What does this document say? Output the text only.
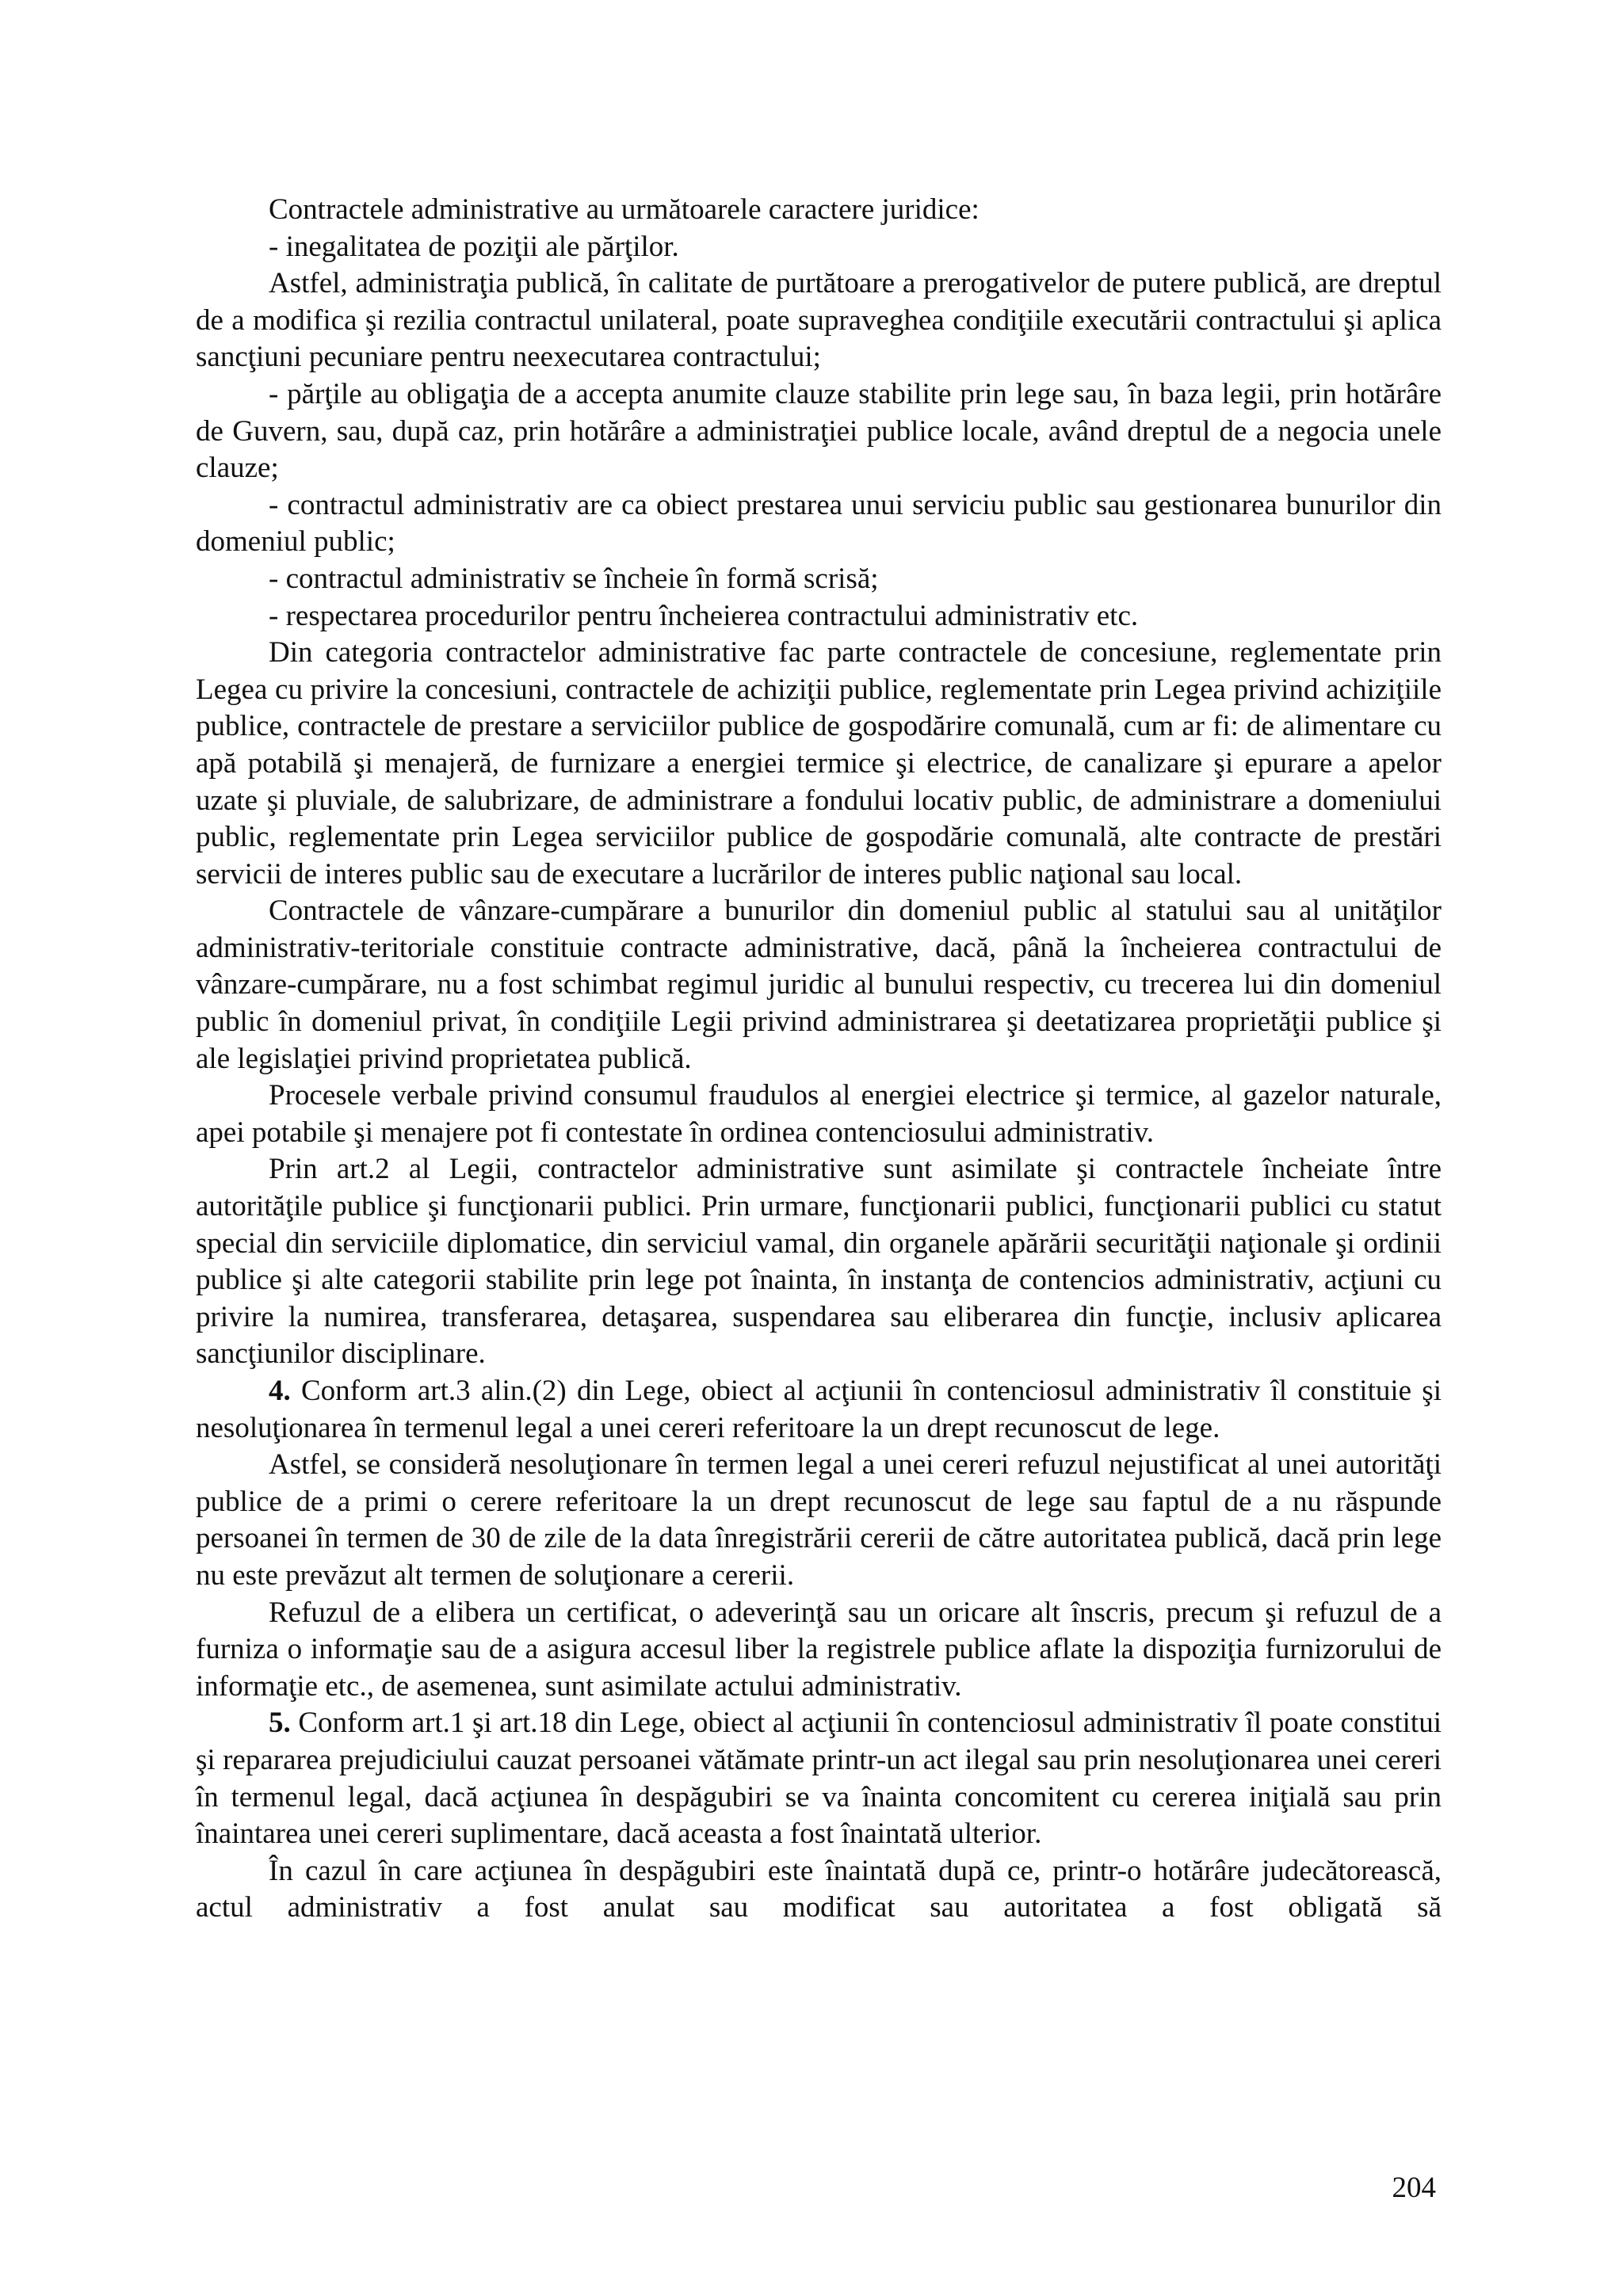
Contractele administrative au următoarele caractere juridice:

- inegalitatea de poziţii ale părţilor.

Astfel, administraţia publică, în calitate de purtătoare a prerogativelor de putere publică, are dreptul de a modifica şi rezilia contractul unilateral, poate supraveghea condiţiile executării contractului şi aplica sancţiuni pecuniare pentru neexecutarea contractului;

- părţile au obligaţia de a accepta anumite clauze stabilite prin lege sau, în baza legii, prin hotărâre de Guvern, sau, după caz, prin hotărâre a administraţiei publice locale, având dreptul de a negocia unele clauze;

- contractul administrativ are ca obiect prestarea unui serviciu public sau gestionarea bunurilor din domeniul public;

- contractul administrativ se încheie în formă scrisă;

- respectarea procedurilor pentru încheierea contractului administrativ etc.

Din categoria contractelor administrative fac parte contractele de concesiune, reglementate prin Legea cu privire la concesiuni, contractele de achiziţii publice, reglementate prin Legea privind achiziţiile publice, contractele de prestare a serviciilor publice de gospodărire comunală, cum ar fi: de alimentare cu apă potabilă şi menajeră, de furnizare a energiei termice şi electrice, de canalizare şi epurare a apelor uzate şi pluviale, de salubrizare, de administrare a fondului locativ public, de administrare a domeniului public, reglementate prin Legea serviciilor publice de gospodărie comunală, alte contracte de prestări servicii de interes public sau de executare a lucrărilor de interes public naţional sau local.

Contractele de vânzare-cumpărare a bunurilor din domeniul public al statului sau al unităţilor administrativ-teritoriale constituie contracte administrative, dacă, până la încheierea contractului de vânzare-cumpărare, nu a fost schimbat regimul juridic al bunului respectiv, cu trecerea lui din domeniul public în domeniul privat, în condiţiile Legii privind administrarea şi deetatizarea proprietăţii publice şi ale legislaţiei privind proprietatea publică.

Procesele verbale privind consumul fraudulos al energiei electrice şi termice, al gazelor naturale, apei potabile şi menajere pot fi contestate în ordinea contenciosului administrativ.

Prin art.2 al Legii, contractelor administrative sunt asimilate şi contractele încheiate între autorităţile publice şi funcţionarii publici. Prin urmare, funcţionarii publici, funcţionarii publici cu statut special din serviciile diplomatice, din serviciul vamal, din organele apărării securităţii naţionale şi ordinii publice şi alte categorii stabilite prin lege pot înainta, în instanţa de contencios administrativ, acţiuni cu privire la numirea, transferarea, detaşarea, suspendarea sau eliberarea din funcţie, inclusiv aplicarea sancţiunilor disciplinare.

4. Conform art.3 alin.(2) din Lege, obiect al acţiunii în contenciosul administrativ îl constituie şi nesoluţionarea în termenul legal a unei cereri referitoare la un drept recunoscut de lege.

Astfel, se consideră nesoluţionare în termen legal a unei cereri refuzul nejustificat al unei autorităţi publice de a primi o cerere referitoare la un drept recunoscut de lege sau faptul de a nu răspunde persoanei în termen de 30 de zile de la data înregistrării cererii de către autoritatea publică, dacă prin lege nu este prevăzut alt termen de soluţionare a cererii.

Refuzul de a elibera un certificat, o adeverinţă sau un oricare alt înscris, precum şi refuzul de a furniza o informaţie sau de a asigura accesul liber la registrele publice aflate la dispoziţia furnizorului de informaţie etc., de asemenea, sunt asimilate actului administrativ.

5. Conform art.1 şi art.18 din Lege, obiect al acţiunii în contenciosul administrativ îl poate constitui şi repararea prejudiciului cauzat persoanei vătămate printr-un act ilegal sau prin nesoluţionarea unei cereri în termenul legal, dacă acţiunea în despăgubiri se va înainta concomitent cu cererea iniţială sau prin înaintarea unei cereri suplimentare, dacă aceasta a fost înaintată ulterior.

În cazul în care acţiunea în despăgubiri este înaintată după ce, printr-o hotărâre judecătorească, actul administrativ a fost anulat sau modificat sau autoritatea a fost obligată să

204
